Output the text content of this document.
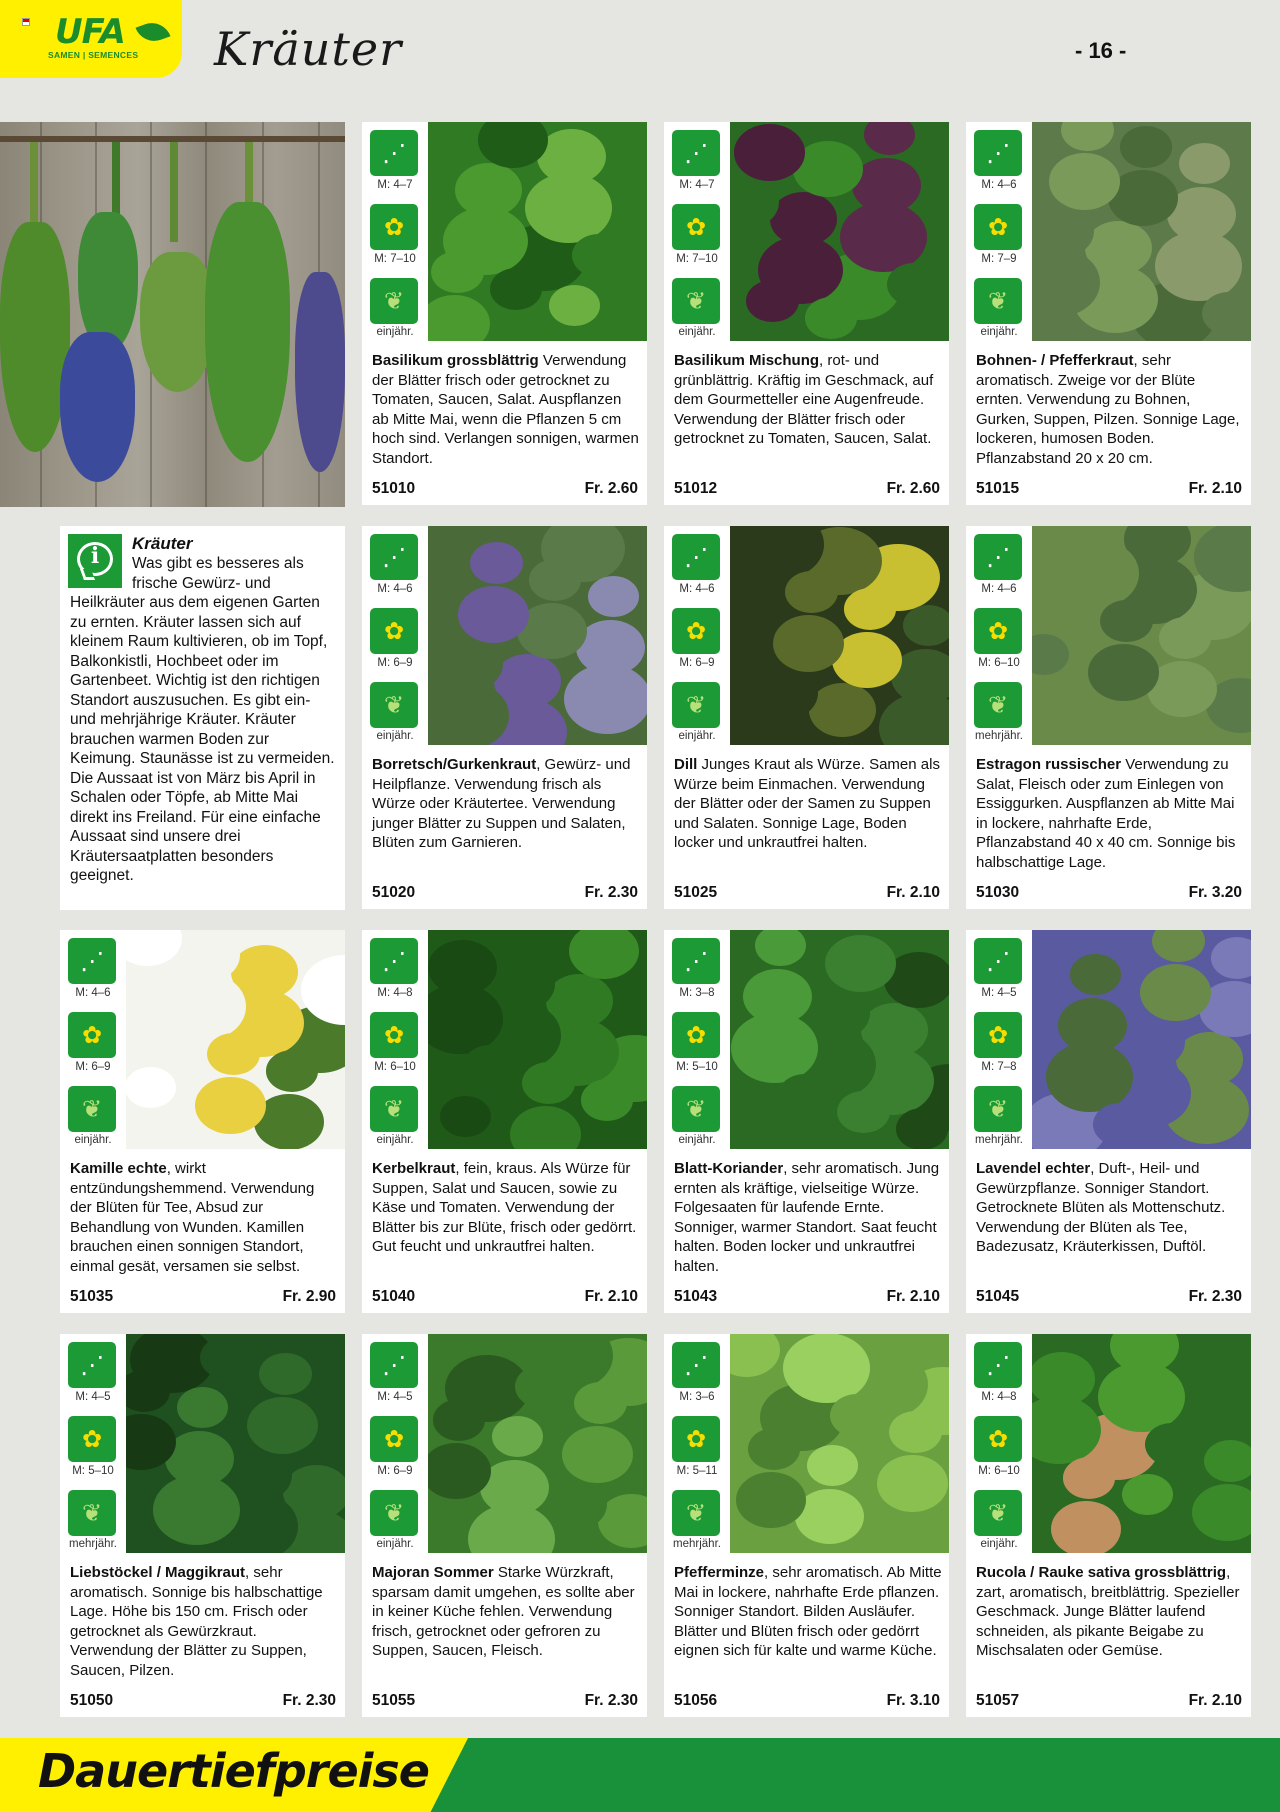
UFA
SAMEN | SEMENCES Kräuter	- 16 -
i	Kräuter

Was gibt es besseres als frische Gewürz- und Heilkräuter aus dem eigenen Garten zu ernten. Kräuter lassen sich auf kleinem Raum kultivieren, ob im Topf, Balkonkistli, Hochbeet oder im Gartenbeet. Wichtig ist den richtigen Standort auszusuchen. Es gibt ein- und mehrjährige Kräuter. Kräuter brauchen warmen Boden zur Keimung. Staunässe ist zu vermeiden. Die Aussaat ist von März bis April in Schalen oder Töpfe, ab Mitte Mai direkt ins Freiland. Für eine einfache Aussaat sind unsere drei Kräutersaatplatten besonders geeignet.

⋰
M: 4–7
✿
M: 7–10
❦
einjähr.
Basilikum grossblättrig Verwendung der Blätter frisch oder getrocknet zu Tomaten, Saucen, Salat. Auspflanzen ab Mitte Mai, wenn die Pflanzen 5 cm hoch sind. Verlangen sonnigen, warmen Standort.
51010	Fr. 2.60
⋰
M: 4–7
✿
M: 7–10
❦
einjähr.
Basilikum Mischung, rot- und grünblättrig. Kräftig im Geschmack, auf dem Gourmetteller eine Augenfreude. Verwendung der Blätter frisch oder getrocknet zu Tomaten, Saucen, Salat.
51012	Fr. 2.60
⋰
M: 4–6
✿
M: 7–9
❦
einjähr.
Bohnen- / Pfefferkraut, sehr aromatisch. Zweige vor der Blüte ernten. Verwendung zu Bohnen, Gurken, Suppen, Pilzen. Sonnige Lage, lockeren, humosen Boden. Pflanzabstand 20 x 20 cm.
51015	Fr. 2.10
⋰
M: 4–6
✿
M: 6–9
❦
einjähr.
Borretsch/Gurkenkraut, Gewürz- und Heilpflanze. Verwendung frisch als Würze oder Kräutertee. Verwendung junger Blätter zu Suppen und Salaten, Blüten zum Garnieren.
51020	Fr. 2.30
⋰
M: 4–6
✿
M: 6–9
❦
einjähr.
Dill Junges Kraut als Würze. Samen als Würze beim Einmachen. Verwendung der Blätter oder der Samen zu Suppen und Salaten. Sonnige Lage, Boden locker und unkrautfrei halten.
51025	Fr. 2.10
⋰
M: 4–6
✿
M: 6–10
❦
mehrjähr.
Estragon russischer Verwendung zu Salat, Fleisch oder zum Einlegen von Essiggurken. Auspflanzen ab Mitte Mai in lockere, nahrhafte Erde, Pflanzabstand 40 x 40 cm. Sonnige bis halbschattige Lage.
51030	Fr. 3.20
⋰
M: 4–6
✿
M: 6–9
❦
einjähr.
Kamille echte, wirkt entzündungshemmend. Verwendung der Blüten für Tee, Absud zur Behandlung von Wunden. Kamillen brauchen einen sonnigen Standort, einmal gesät, versamen sie selbst.
51035	Fr. 2.90
⋰
M: 4–8
✿
M: 6–10
❦
einjähr.
Kerbelkraut, fein, kraus. Als Würze für Suppen, Salat und Saucen, sowie zu Käse und Tomaten. Verwendung der Blätter bis zur Blüte, frisch oder gedörrt. Gut feucht und unkrautfrei halten.
51040	Fr. 2.10
⋰
M: 3–8
✿
M: 5–10
❦
einjähr.
Blatt-Koriander, sehr aromatisch. Jung ernten als kräftige, vielseitige Würze. Folgesaaten für laufende Ernte. Sonniger, warmer Standort. Saat feucht halten. Boden locker und unkrautfrei halten.
51043	Fr. 2.10
⋰
M: 4–5
✿
M: 7–8
❦
mehrjähr.
Lavendel echter, Duft-, Heil- und Gewürzpflanze. Sonniger Standort. Getrocknete Blüten als Mottenschutz. Verwendung der Blüten als Tee, Badezusatz, Kräuterkissen, Duftöl.
51045	Fr. 2.30
⋰
M: 4–5
✿
M: 5–10
❦
mehrjähr.
Liebstöckel / Maggikraut, sehr aromatisch. Sonnige bis halbschattige Lage. Höhe bis 150 cm. Frisch oder getrocknet als Gewürzkraut. Verwendung der Blätter zu Suppen, Saucen, Pilzen.
51050	Fr. 2.30
⋰
M: 4–5
✿
M: 6–9
❦
einjähr.
Majoran Sommer Starke Würzkraft, sparsam damit umgehen, es sollte aber in keiner Küche fehlen. Verwendung frisch, getrocknet oder gefroren zu Suppen, Saucen, Fleisch.
51055	Fr. 2.30
⋰
M: 3–6
✿
M: 5–11
❦
mehrjähr.
Pfefferminze, sehr aromatisch. Ab Mitte Mai in lockere, nahrhafte Erde pflanzen. Sonniger Standort. Bilden Ausläufer. Blätter und Blüten frisch oder gedörrt eignen sich für kalte und warme Küche.
51056	Fr. 3.10
⋰
M: 4–8
✿
M: 6–10
❦
einjähr.
Rucola / Rauke sativa grossblättrig, zart, aromatisch, breitblättrig. Spezieller Geschmack. Junge Blätter laufend schneiden, als pikante Beigabe zu Mischsalaten oder Gemüse.
51057	Fr. 2.10
Dauertiefpreise
